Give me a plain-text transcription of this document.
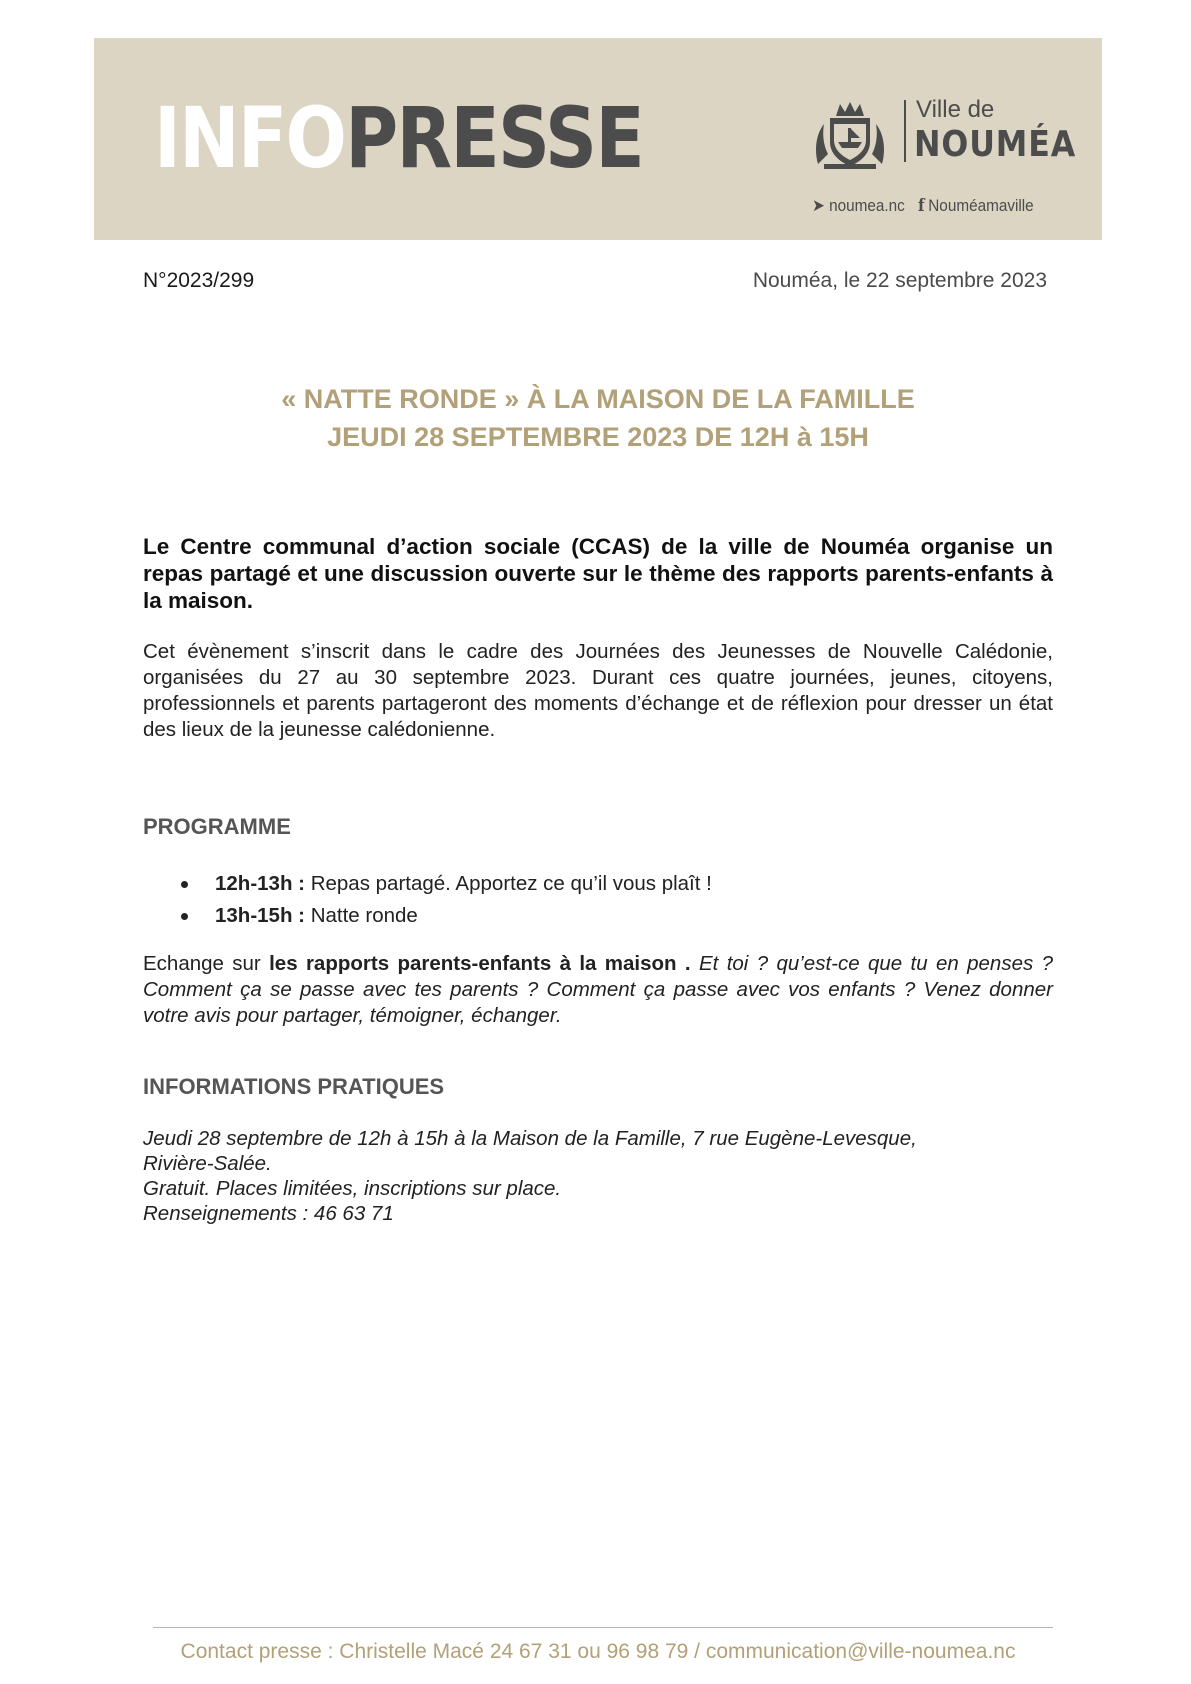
INFOPRESSE	Ville de
NOUMÉA
➤ noumea.nc f Nouméamaville
N°2023/299	Nouméa, le 22 septembre 2023
« NATTE RONDE » À LA MAISON DE LA FAMILLE
JEUDI 28 SEPTEMBRE 2023 DE 12H à 15H
Le Centre communal d’action sociale (CCAS) de la ville de Nouméa organise un repas partagé et une discussion ouverte sur le thème des rapports parents-enfants à la maison.
Cet évènement s’inscrit dans le cadre des Journées des Jeunesses de Nouvelle Calédonie, organisées du 27 au 30 septembre 2023. Durant ces quatre journées, jeunes, citoyens, professionnels et parents partageront des moments d’échange et de réflexion pour dresser un état des lieux de la jeunesse calédonienne.
PROGRAMME
12h-13h : Repas partagé. Apportez ce qu’il vous plaît !
13h-15h : Natte ronde
Echange sur les rapports parents-enfants à la maison . Et toi ? qu’est-ce que tu en penses ? Comment ça se passe avec tes parents ? Comment ça passe avec vos enfants ? Venez donner votre avis pour partager, témoigner, échanger.
INFORMATIONS PRATIQUES
Jeudi 28 septembre de 12h à 15h à la Maison de la Famille, 7 rue Eugène-Levesque,
Rivière-Salée.
Gratuit. Places limitées, inscriptions sur place.
Renseignements : 46 63 71
Contact presse : Christelle Macé 24 67 31 ou 96 98 79 / communication@ville-noumea.nc
